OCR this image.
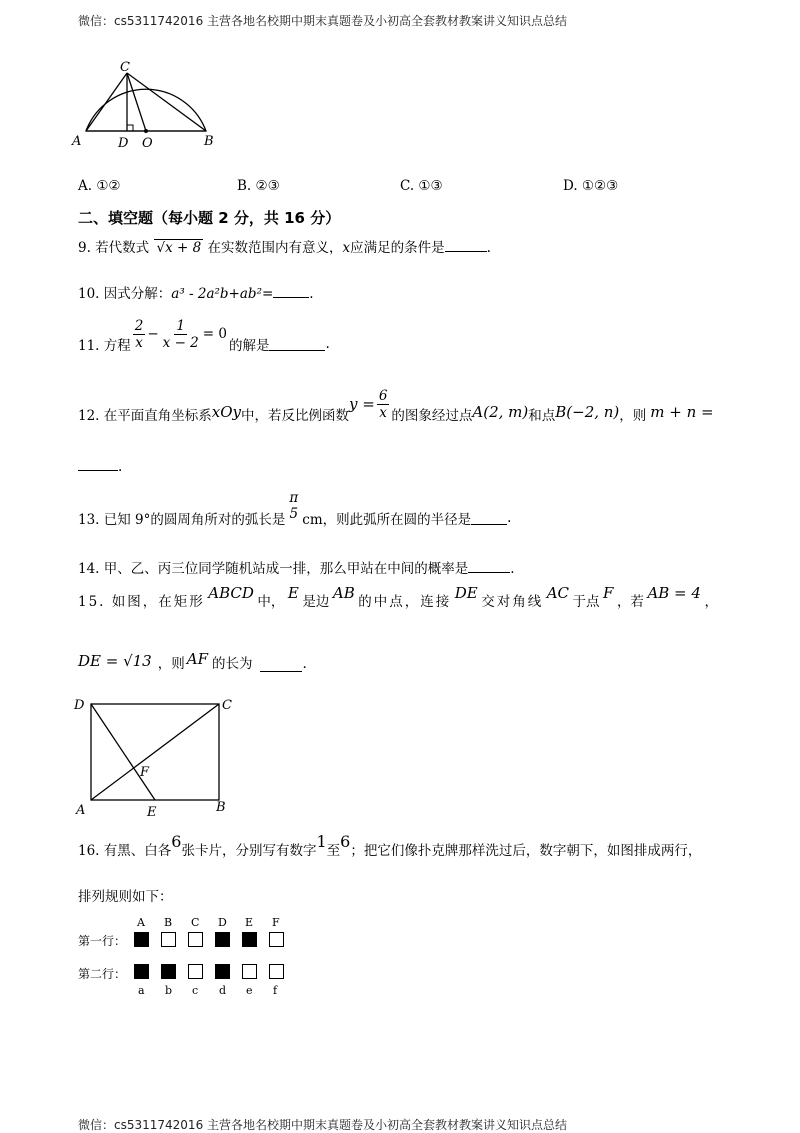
微信：cs5311742016 主营各地名校期中期末真题卷及小初高全套教材教案讲义知识点总结
C
A	D O	B
A. ①②	B. ②③	C. ①③	D. ①②③
二、填空题（每小题 2 分，共 16 分）
9. 若代数式 √x + 8 在实数范围内有意义，x应满足的条件是	.
10. 因式分解：a³ - 2a²b+ab²=	.
11. 方程 $\frac{2}{x} - \frac{1}{x - 2} = 0$
的解是	.
12. 在平面直角坐标系 xOy 中，若反比例函数
$y = \frac{6}{x}$ 的图象经过点 A(2, m) 和点 B(−2, n) ，则 m + n =
.
13. 已知 9°的圆周角所对的弧长是
π
5 cm，则此弧所在圆的半径是	.
14. 甲、乙、丙三位同学随机站成一排，那么甲站在中间的概率是	.
15. 如图，在矩形 ABCD 中， E 是边 AB 的中点，连接 DE 交对角线 AC 于点 F ，若 AB = 4 ，
DE = √13 ，则 AF 的长为	.
D	C
F
A	E	B
16. 有黑、白各 6 张卡片，分别写有数字 1 至 6 ；把它们像扑克牌那样洗过后，数字朝下，如图排成两行，
排列规则如下：
第一行：
第二行：
A B C D E F
a b c d e f
微信：cs5311742016 主营各地名校期中期末真题卷及小初高全套教材教案讲义知识点总结
